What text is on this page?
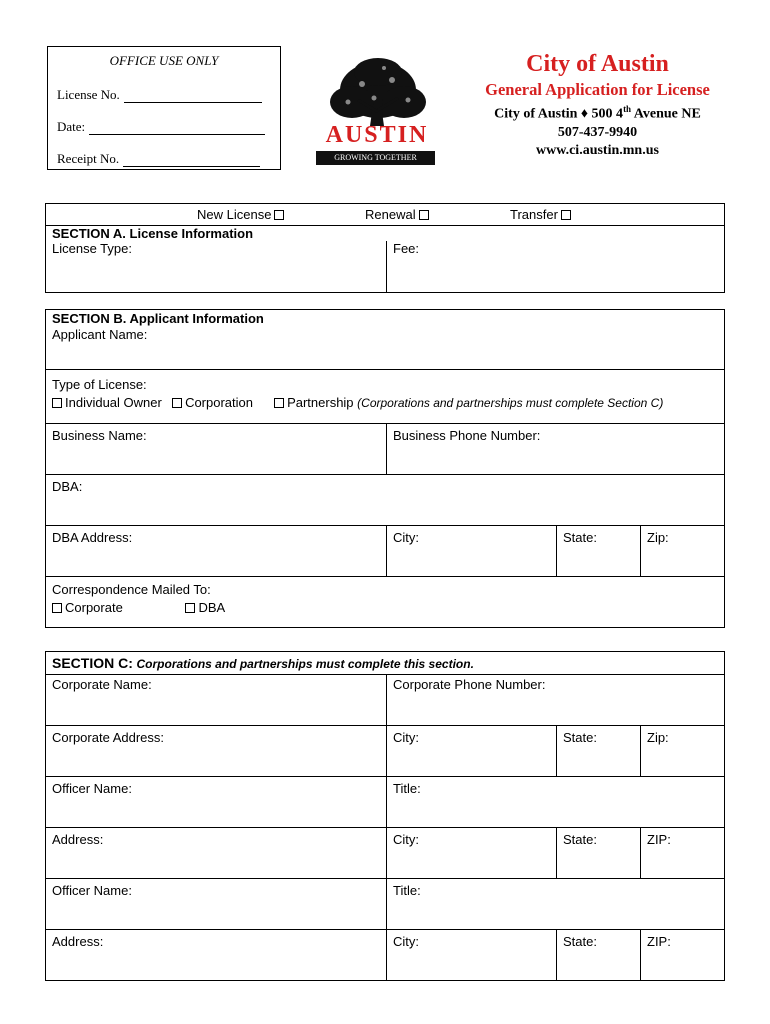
OFFICE USE ONLY
License No.
Date:
Receipt No.
AUSTIN
GROWING TOGETHER
City of Austin
General Application for License
City of Austin ♦ 500 4th Avenue NE
507-437-9940
www.ci.austin.mn.us
New License	Renewal	Transfer
SECTION A. License Information
License Type:	Fee:
SECTION B. Applicant Information
Applicant Name:
Type of License:
Individual Owner Corporation	Partnership (Corporations and partnerships must complete Section C)
Business Name:	Business Phone Number:
DBA:
DBA Address:	City:	State:	Zip:
Correspondence Mailed To:
Corporate	DBA
SECTION C: Corporations and partnerships must complete this section.
Corporate Name:	Corporate Phone Number:
Corporate Address:	City:	State:	Zip:
Officer Name:	Title:
Address:	City:	State:	ZIP:
Officer Name:	Title:
Address:	City:	State:	ZIP:
